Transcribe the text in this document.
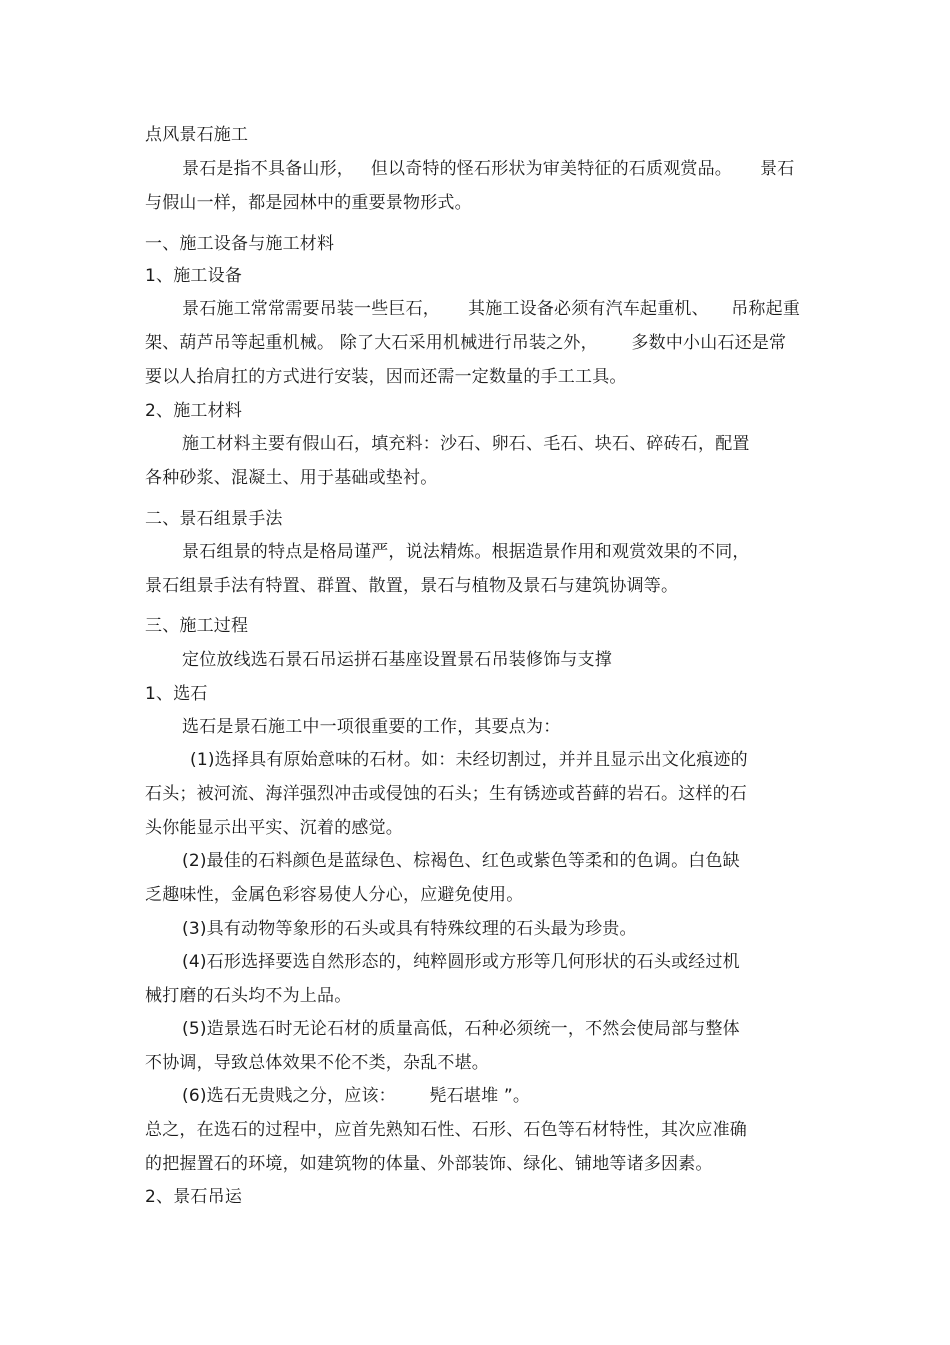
点风景石施工
景石是指不具备山形，   但以奇特的怪石形状为审美特征的石质观赏品。     景石
与假山一样，都是园林中的重要景物形式。
一、施工设备与施工材料
1、施工设备
景石施工常常需要吊装一些巨石，     其施工设备必须有汽车起重机、    吊称起重
架、葫芦吊等起重机械。 除了大石采用机械进行吊装之外，      多数中小山石还是常
要以人抬肩扛的方式进行安装，因而还需一定数量的手工工具。
2、施工材料
施工材料主要有假山石，填充料：沙石、卵石、毛石、块石、碎砖石，配置
各种砂浆、混凝土、用于基础或垫衬。
二、景石组景手法
景石组景的特点是格局谨严，说法精炼。根据造景作用和观赏效果的不同，
景石组景手法有特置、群置、散置，景石与植物及景石与建筑协调等。
三、施工过程
定位放线选石景石吊运拼石基座设置景石吊装修饰与支撑
1、选石
选石是景石施工中一项很重要的工作，其要点为：
(1)选择具有原始意味的石材。如：未经切割过，并并且显示出文化痕迹的
石头；被河流、海洋强烈冲击或侵蚀的石头；生有锈迹或苔藓的岩石。这样的石
头你能显示出平实、沉着的感觉。
(2)最佳的石料颜色是蓝绿色、棕褐色、红色或紫色等柔和的色调。白色缺
乏趣味性，金属色彩容易使人分心，应避免使用。
(3)具有动物等象形的石头或具有特殊纹理的石头最为珍贵。
(4)石形选择要选自然形态的，纯粹圆形或方形等几何形状的石头或经过机
械打磨的石头均不为上品。
(5)造景选石时无论石材的质量高低，石种必须统一，不然会使局部与整体
不协调，导致总体效果不伦不类，杂乱不堪。
(6)选石无贵贱之分，应该：      髡石堪堆 ”。
总之，在选石的过程中，应首先熟知石性、石形、石色等石材特性，其次应准确
的把握置石的环境，如建筑物的体量、外部装饰、绿化、铺地等诸多因素。
2、景石吊运
